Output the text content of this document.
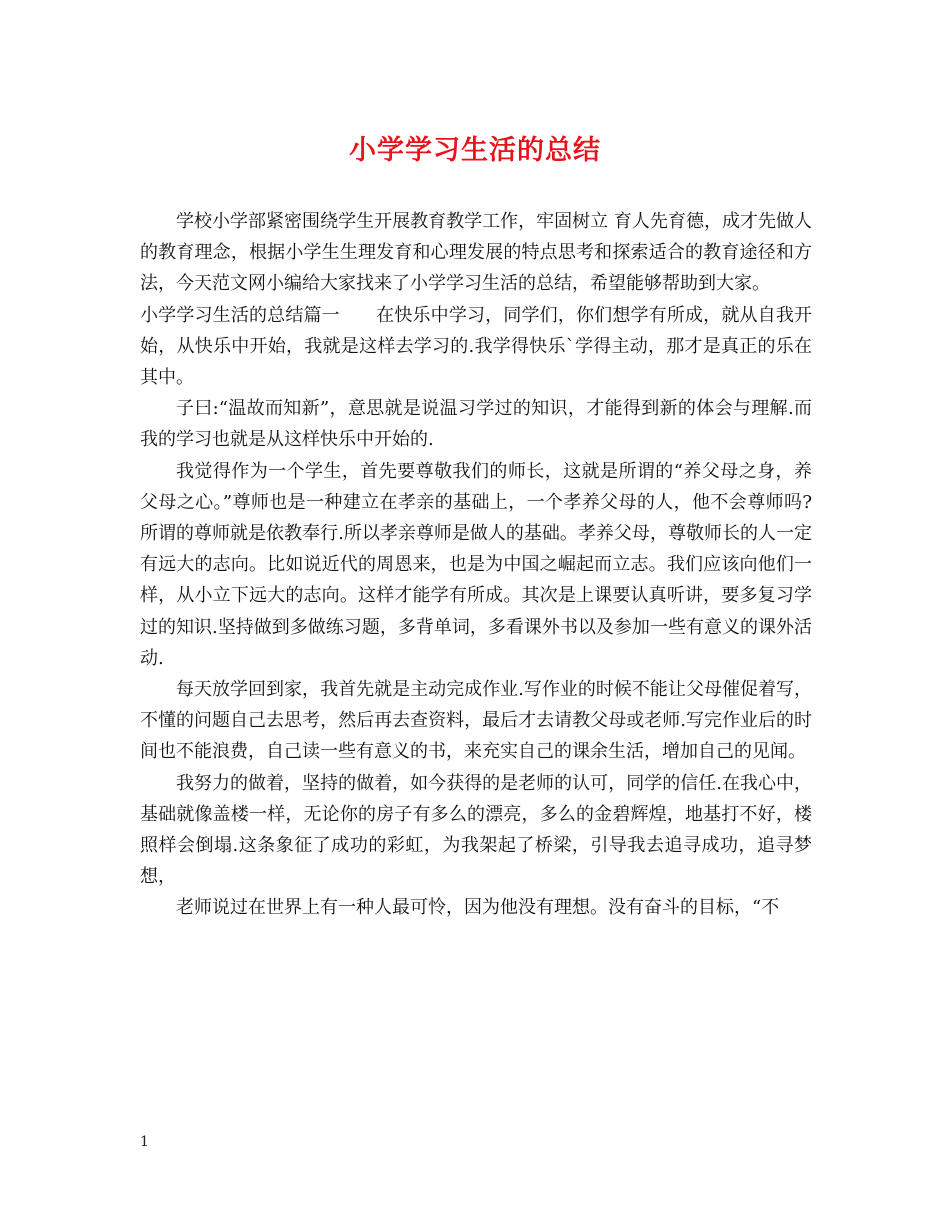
小学学习生活的总结

学校小学部紧密围绕学生开展教育教学工作，牢固树立 育人先育德，成才先做人 的教育理念，根据小学生生理发育和心理发展的特点思考和探索适合的教育途径和方法，今天范文网小编给大家找来了小学学习生活的总结，希望能够帮助到大家。

小学学习生活的总结篇一　　在快乐中学习，同学们，你们想学有所成，就从自我开始，从快乐中开始，我就是这样去学习的.我学得快乐`学得主动，那才是真正的乐在其中。

子曰:“温故而知新”，意思就是说温习学过的知识，才能得到新的体会与理解.而我的学习也就是从这样快乐中开始的.

我觉得作为一个学生，首先要尊敬我们的师长，这就是所谓的“养父母之身，养父母之心。”尊师也是一种建立在孝亲的基础上，一个孝养父母的人，他不会尊师吗?所谓的尊师就是依教奉行.所以孝亲尊师是做人的基础。孝养父母，尊敬师长的人一定有远大的志向。比如说近代的周恩来，也是为中国之崛起而立志。我们应该向他们一样，从小立下远大的志向。这样才能学有所成。其次是上课要认真听讲，要多复习学过的知识.坚持做到多做练习题，多背单词，多看课外书以及参加一些有意义的课外活动.

每天放学回到家，我首先就是主动完成作业.写作业的时候不能让父母催促着写，不懂的问题自己去思考，然后再去查资料，最后才去请教父母或老师.写完作业后的时间也不能浪费，自己读一些有意义的书，来充实自己的课余生活，增加自己的见闻。

我努力的做着，坚持的做着，如今获得的是老师的认可，同学的信任.在我心中，基础就像盖楼一样，无论你的房子有多么的漂亮，多么的金碧辉煌，地基打不好，楼照样会倒塌.这条象征了成功的彩虹，为我架起了桥梁，引导我去追寻成功，追寻梦想，

老师说过在世界上有一种人最可怜，因为他没有理想。没有奋斗的目标，“不

1
